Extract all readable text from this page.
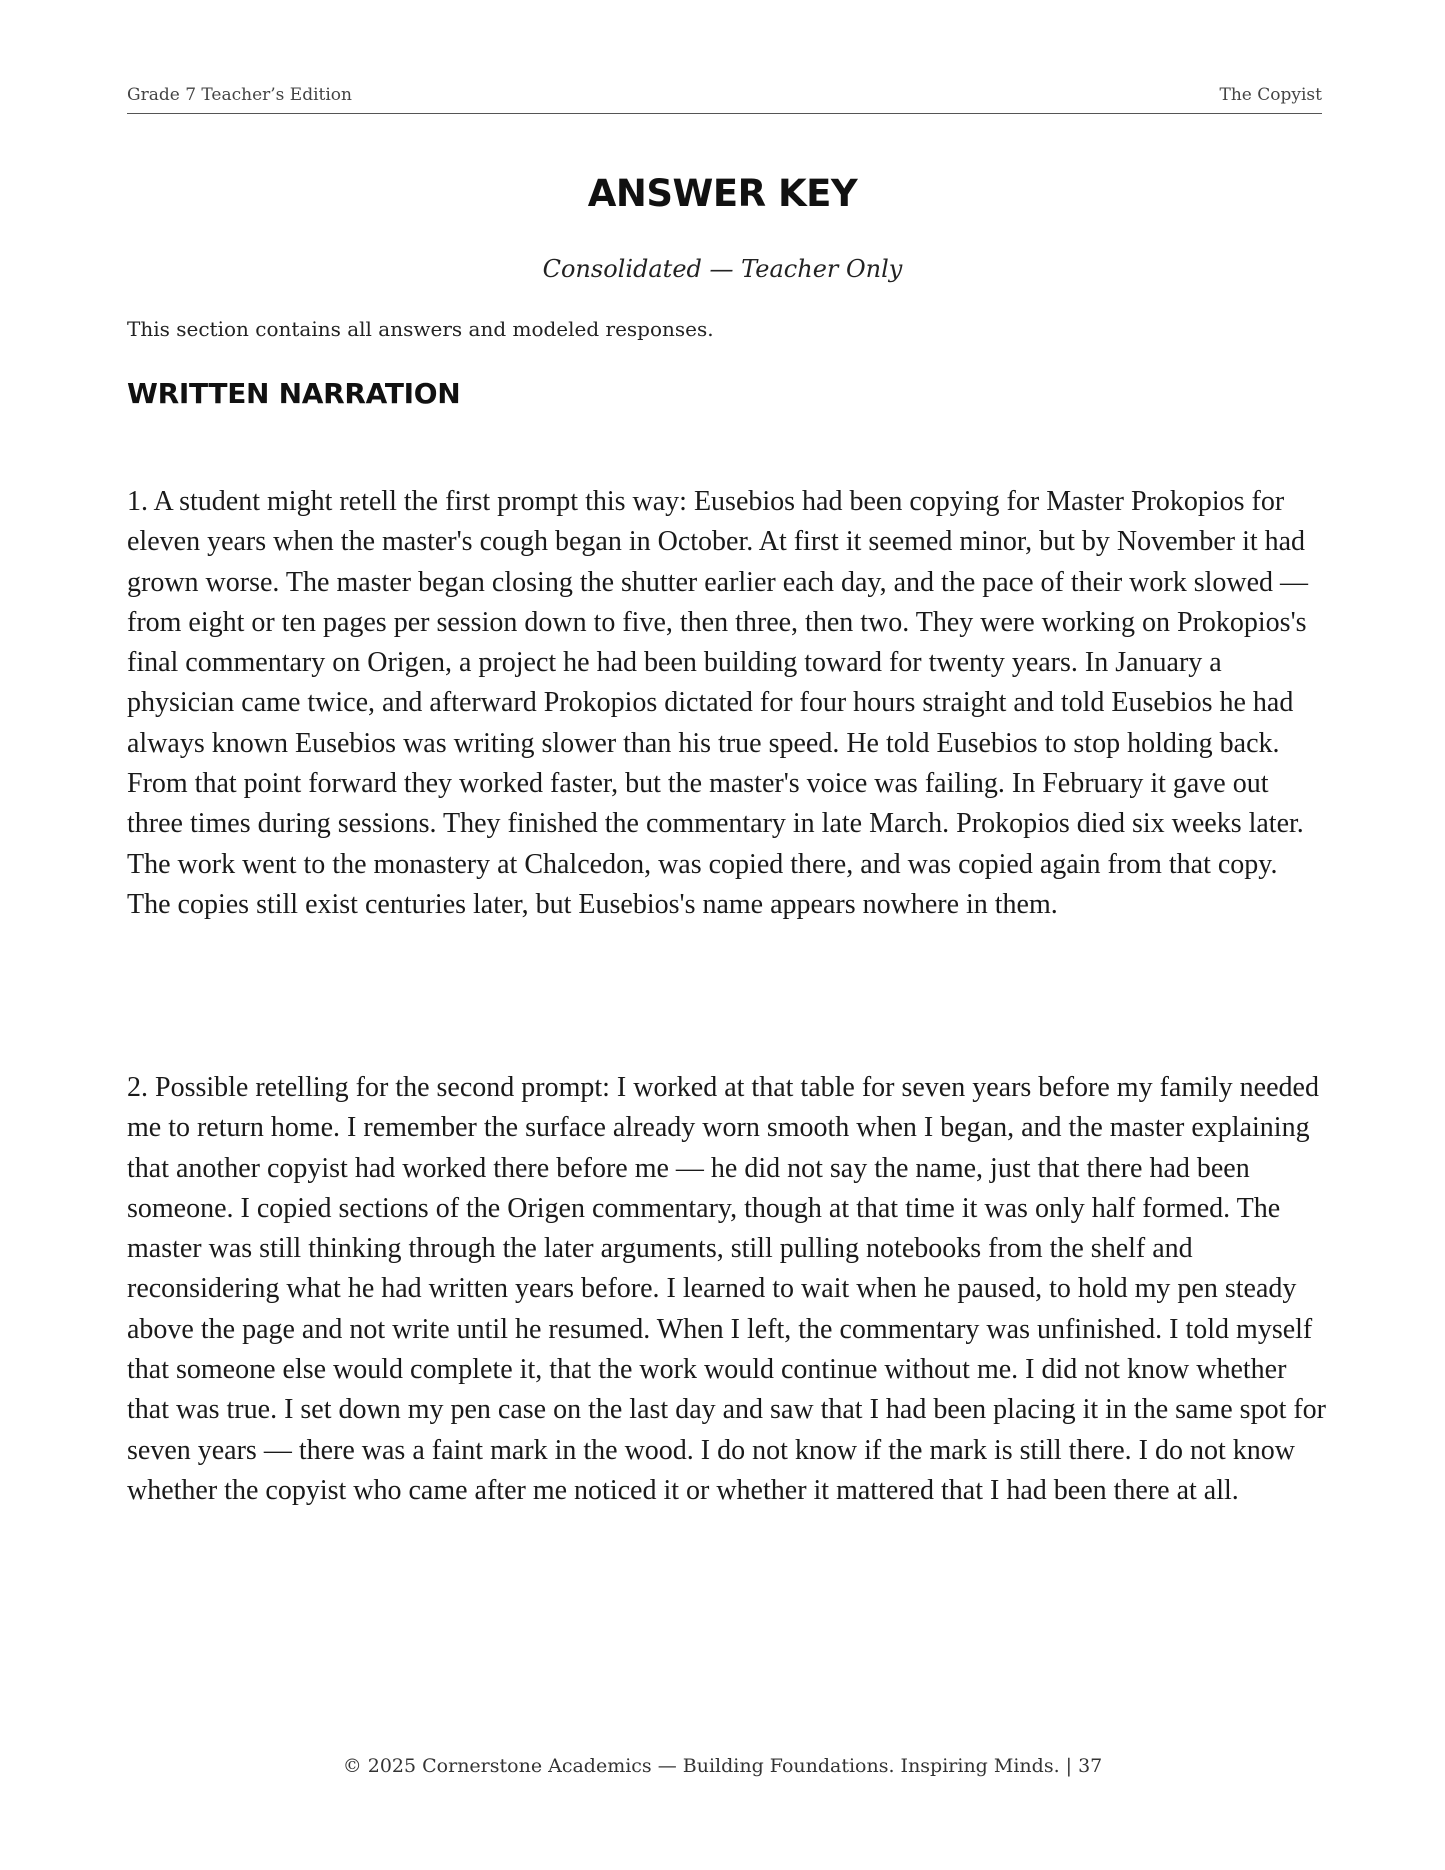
Grade 7 Teacher’s Edition	The Copyist
ANSWER KEY
Consolidated — Teacher Only
This section contains all answers and modeled responses.
WRITTEN NARRATION

1. A student might retell the first prompt this way: Eusebios had been copying for Master Prokopios for eleven years when the master's cough began in October. At first it seemed minor, but by November it had grown worse. The master began closing the shutter earlier each day, and the pace of their work slowed — from eight or ten pages per session down to five, then three, then two. They were working on Prokopios's final commentary on Origen, a project he had been building toward for twenty years. In January a physician came twice, and afterward Prokopios dictated for four hours straight and told Eusebios he had always known Eusebios was writing slower than his true speed. He told Eusebios to stop holding back. From that point forward they worked faster, but the master's voice was failing. In February it gave out three times during sessions. They finished the commentary in late March. Prokopios died six weeks later. The work went to the monastery at Chalcedon, was copied there, and was copied again from that copy. The copies still exist centuries later, but Eusebios's name appears nowhere in them.

2. Possible retelling for the second prompt: I worked at that table for seven years before my family needed me to return home. I remember the surface already worn smooth when I began, and the master explaining that another copyist had worked there before me — he did not say the name, just that there had been someone. I copied sections of the Origen commentary, though at that time it was only half formed. The master was still thinking through the later arguments, still pulling notebooks from the shelf and reconsidering what he had written years before. I learned to wait when he paused, to hold my pen steady above the page and not write until he resumed. When I left, the commentary was unfinished. I told myself that someone else would complete it, that the work would continue without me. I did not know whether that was true. I set down my pen case on the last day and saw that I had been placing it in the same spot for seven years — there was a faint mark in the wood. I do not know if the mark is still there. I do not know whether the copyist who came after me noticed it or whether it mattered that I had been there at all.

© 2025 Cornerstone Academics — Building Foundations. Inspiring Minds. | 37
